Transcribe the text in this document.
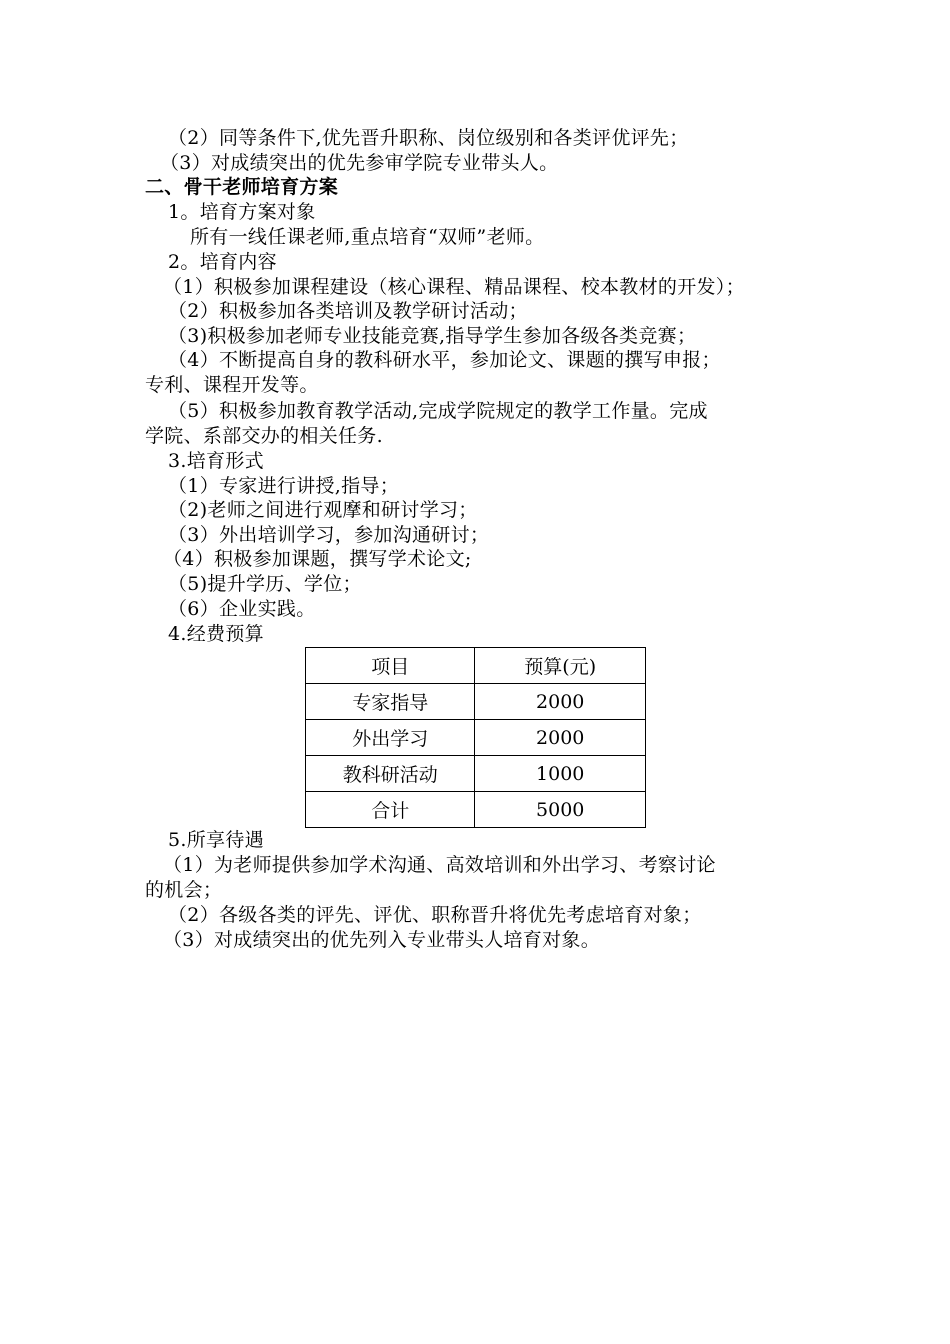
（2）同等条件下,优先晋升职称、岗位级别和各类评优评先；
（3）对成绩突出的优先参审学院专业带头人。
二、骨干老师培育方案
1。培育方案对象
所有一线任课老师,重点培育“双师”老师。
2。培育内容
（1）积极参加课程建设（核心课程、精品课程、校本教材的开发）；
（2）积极参加各类培训及教学研讨活动；
（3)积极参加老师专业技能竞赛,指导学生参加各级各类竞赛；
（4）不断提高自身的教科研水平，参加论文、课题的撰写申报；
专利、课程开发等。
（5）积极参加教育教学活动,完成学院规定的教学工作量。完成
学院、系部交办的相关任务.
3.培育形式
（1）专家进行讲授,指导；
（2)老师之间进行观摩和研讨学习；
（3）外出培训学习，参加沟通研讨；
（4）积极参加课题，撰写学术论文;
（5)提升学历、学位；
（6）企业实践。
4.经费预算
项目	预算(元)
专家指导	2000
外出学习	2000
教科研活动	1000
合计	5000
5.所享待遇
（1）为老师提供参加学术沟通、高效培训和外出学习、考察讨论
的机会；
（2）各级各类的评先、评优、职称晋升将优先考虑培育对象；
（3）对成绩突出的优先列入专业带头人培育对象。
